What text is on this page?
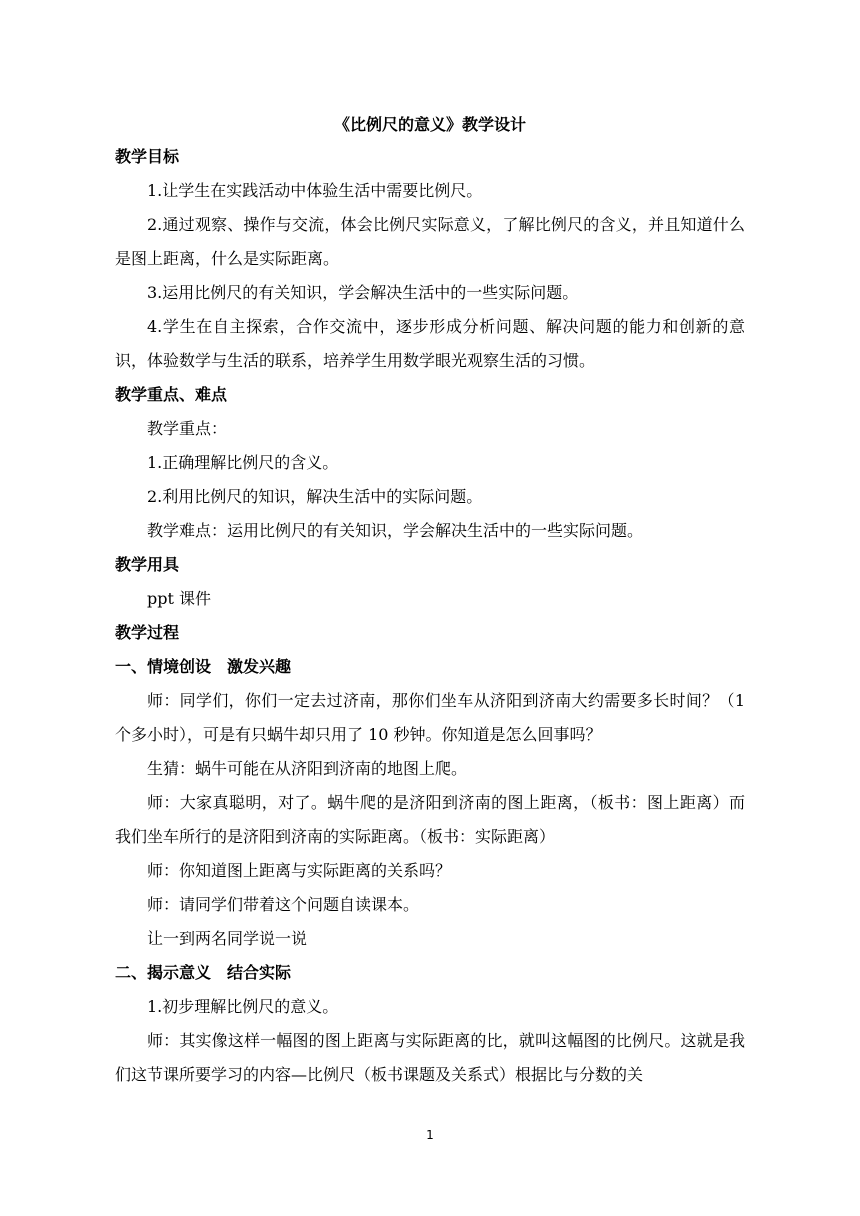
《比例尺的意义》教学设计
教学目标
1.让学生在实践活动中体验生活中需要比例尺。
2.通过观察、操作与交流，体会比例尺实际意义，了解比例尺的含义，并且知道什么是图上距离，什么是实际距离。
3.运用比例尺的有关知识，学会解决生活中的一些实际问题。
4.学生在自主探索，合作交流中，逐步形成分析问题、解决问题的能力和创新的意识，体验数学与生活的联系，培养学生用数学眼光观察生活的习惯。
教学重点、难点
教学重点：
1.正确理解比例尺的含义。
2.利用比例尺的知识，解决生活中的实际问题。
教学难点：运用比例尺的有关知识，学会解决生活中的一些实际问题。
教学用具
ppt 课件
教学过程
一、情境创设　激发兴趣
师：同学们，你们一定去过济南，那你们坐车从济阳到济南大约需要多长时间？（1 个多小时），可是有只蜗牛却只用了 10 秒钟。你知道是怎么回事吗？
生猜：蜗牛可能在从济阳到济南的地图上爬。
师：大家真聪明，对了。蜗牛爬的是济阳到济南的图上距离，（板书：图上距离）而我们坐车所行的是济阳到济南的实际距离。（板书：实际距离）
师：你知道图上距离与实际距离的关系吗？
师：请同学们带着这个问题自读课本。
让一到两名同学说一说
二、揭示意义　结合实际
1.初步理解比例尺的意义。
师：其实像这样一幅图的图上距离与实际距离的比，就叫这幅图的比例尺。这就是我们这节课所要学习的内容—比例尺（板书课题及关系式）根据比与分数的关
1
